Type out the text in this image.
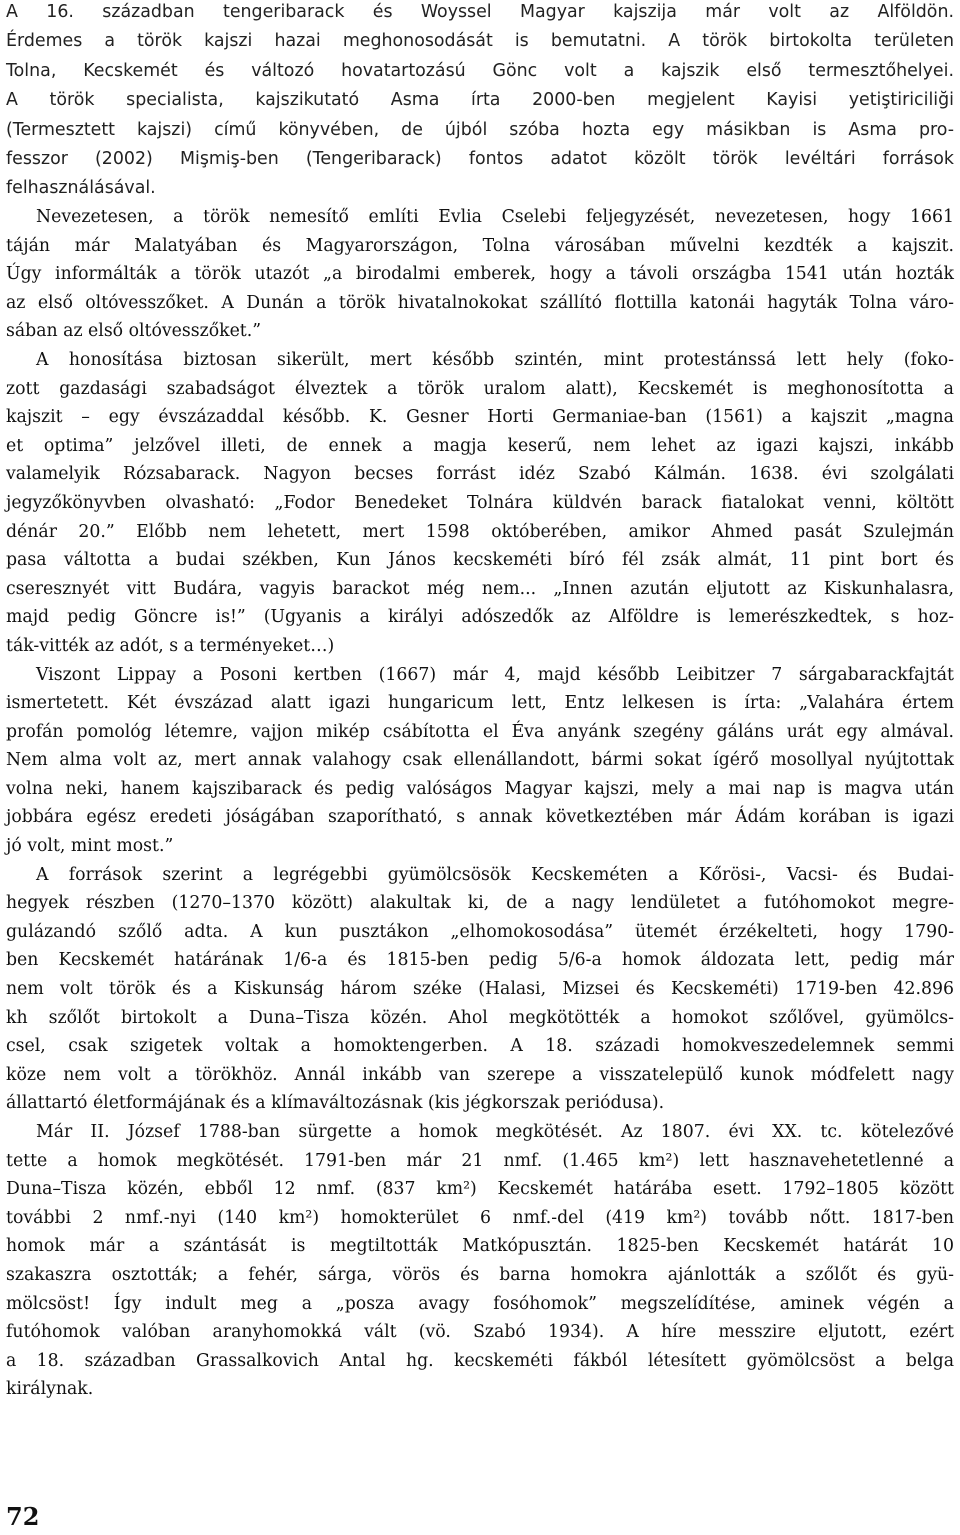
A 16. században tengeribarack és Woyssel Magyar kajszija már volt az Alföldön.
Érdemes a török kajszi hazai meghonosodását is bemutatni. A török birtokolta területen
Tolna, Kecskemét és változó hovatartozású Gönc volt a kajszik első termesztőhelyei.
A török specialista, kajszikutató Asma írta 2000-ben megjelent Kayisi yetiştiriciliği
(Termesztett kajszi) című könyvében, de újból szóba hozta egy másikban is Asma pro-
fesszor (2002) Mişmiş-ben (Tengeribarack) fontos adatot közölt török levéltári források
felhasználásával.
Nevezetesen, a török nemesítő említi Evlia Cselebi feljegyzését, nevezetesen, hogy 1661
táján már Malatyában és Magyarországon, Tolna városában művelni kezdték a kajszit.
Úgy informálták a török utazót „a birodalmi emberek, hogy a távoli országba 1541 után hozták
az első oltóvesszőket. A Dunán a török hivatalnokokat szállító flottilla katonái hagyták Tolna váro-
sában az első oltóvesszőket.”
A honosítása biztosan sikerült, mert később szintén, mint protestánssá lett hely (foko-
zott gazdasági szabadságot élveztek a török uralom alatt), Kecskemét is meghonosította a
kajszit – egy évszázaddal később. K. Gesner Horti Germaniae-ban (1561) a kajszit „magna
et optima” jelzővel illeti, de ennek a magja keserű, nem lehet az igazi kajszi, inkább
valamelyik Rózsabarack. Nagyon becses forrást idéz Szabó Kálmán. 1638. évi szolgálati
jegyzőkönyvben olvasható: „Fodor Benedeket Tolnára küldvén barack fiatalokat venni, költött
dénár 20.” Előbb nem lehetett, mert 1598 októberében, amikor Ahmed pasát Szulejmán
pasa váltotta a budai székben, Kun János kecskeméti bíró fél zsák almát, 11 pint bort és
cseresznyét vitt Budára, vagyis barackot még nem... „Innen azután eljutott az Kiskunhalasra,
majd pedig Göncre is!” (Ugyanis a királyi adószedők az Alföldre is lemerészkedtek, s hoz-
ták-vitték az adót, s a terményeket…)
Viszont Lippay a Posoni kertben (1667) már 4, majd később Leibitzer 7 sárgabarackfajtát
ismertetett. Két évszázad alatt igazi hungaricum lett, Entz lelkesen is írta: „Valahára értem
profán pomológ létemre, vajjon mikép csábította el Éva anyánk szegény gáláns urát egy almával.
Nem alma volt az, mert annak valahogy csak ellenállandott, bármi sokat ígérő mosollyal nyújtottak
volna neki, hanem kajszibarack és pedig valóságos Magyar kajszi, mely a mai nap is magva után
jobbára egész eredeti jóságában szaporítható, s annak következtében már Ádám korában is igazi
jó volt, mint most.”
A források szerint a legrégebbi gyümölcsösök Kecskeméten a Kőrösi-, Vacsi- és Budai-
hegyek részben (1270–1370 között) alakultak ki, de a nagy lendületet a futóhomokot megre-
gulázandó szőlő adta. A kun pusztákon „elhomokosodása” ütemét érzékelteti, hogy 1790-
ben Kecskemét határának 1/6-a és 1815-ben pedig 5/6-a homok áldozata lett, pedig már
nem volt török és a Kiskunság három széke (Halasi, Mizsei és Kecskeméti) 1719-ben 42.896
kh szőlőt birtokolt a Duna–Tisza közén. Ahol megkötötték a homokot szőlővel, gyümölcs-
csel, csak szigetek voltak a homoktengerben. A 18. századi homokveszedelemnek semmi
köze nem volt a törökhöz. Annál inkább van szerepe a visszatelepülő kunok módfelett nagy
állattartó életformájának és a klímaváltozásnak (kis jégkorszak periódusa).
Már II. József 1788-ban sürgette a homok megkötését. Az 1807. évi XX. tc. kötelezővé
tette a homok megkötését. 1791-ben már 21 nmf. (1.465 km²) lett hasznavehetetlenné a
Duna–Tisza közén, ebből 12 nmf. (837 km²) Kecskemét határába esett. 1792–1805 között
további 2 nmf.-nyi (140 km²) homokterület 6 nmf.-del (419 km²) tovább nőtt. 1817-ben
homok már a szántását is megtiltották Matkópusztán. 1825-ben Kecskemét határát 10
szakaszra osztották; a fehér, sárga, vörös és barna homokra ajánlották a szőlőt és gyü-
mölcsöst! Így indult meg a „posza avagy fosóhomok” megszelídítése, aminek végén a
futóhomok valóban aranyhomokká vált (vö. Szabó 1934). A híre messzire eljutott, ezért
a 18. században Grassalkovich Antal hg. kecskeméti fákból létesített gyömölcsöst a belga
királynak.
72
